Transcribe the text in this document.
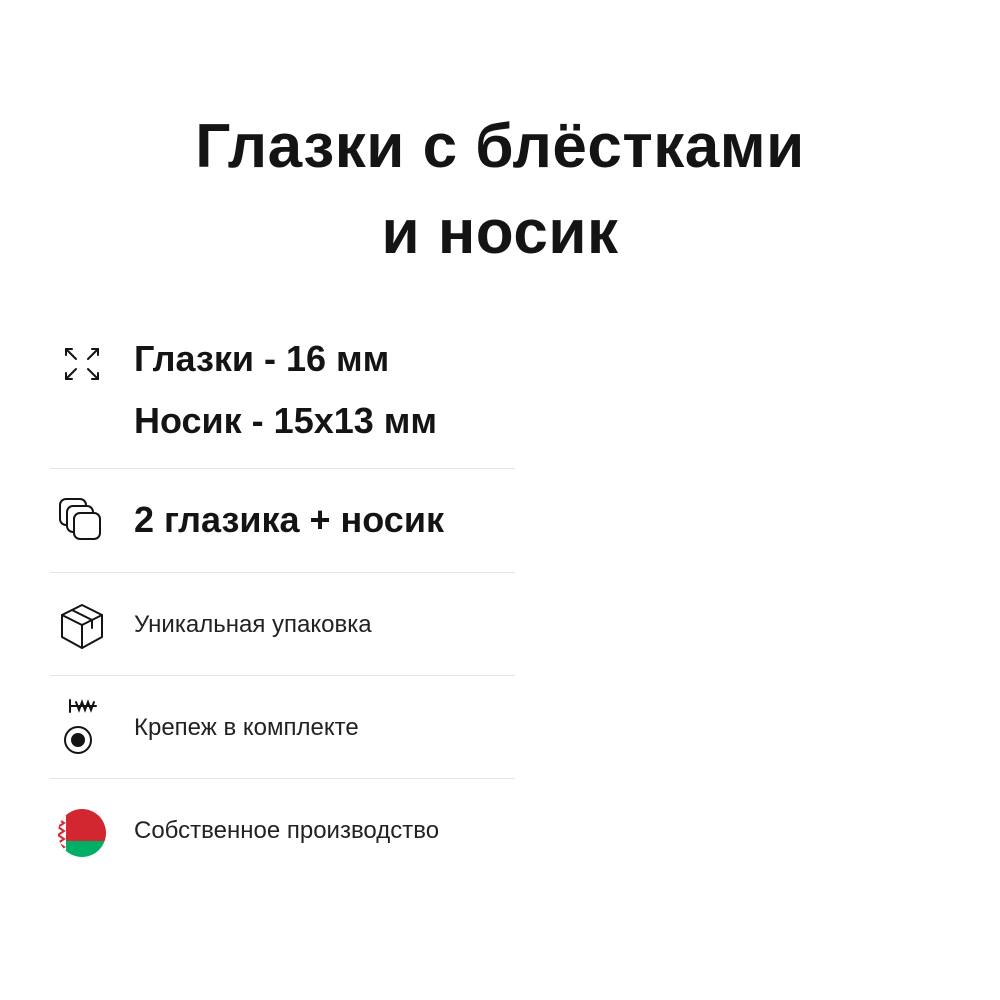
Глазки с блёстками
и носик
Глазки - 16 мм
Носик - 15х13 мм
2 глазика + носик
Уникальная упаковка
Крепеж в комплекте
Собственное производство
